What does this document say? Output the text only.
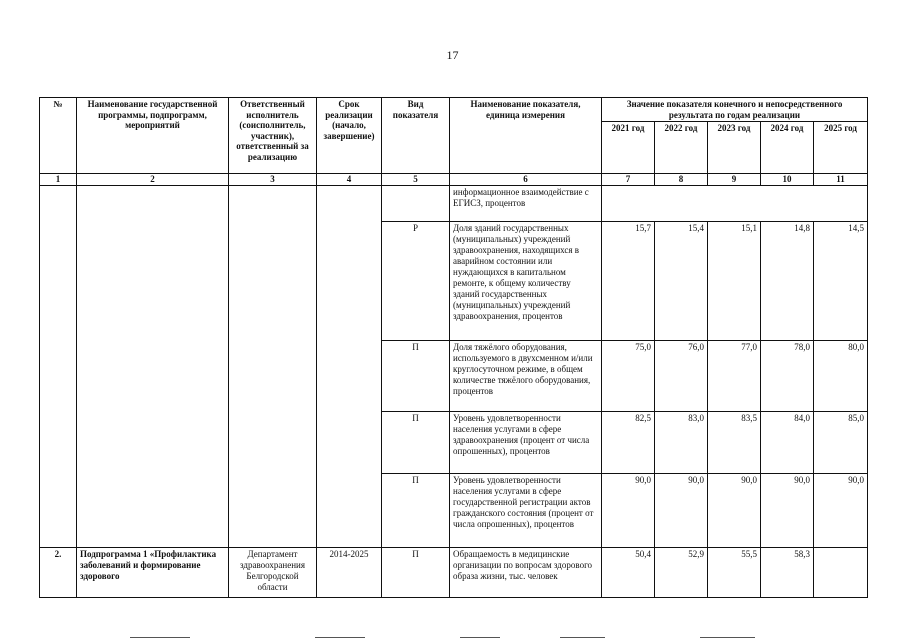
17
№	Наименование государственной программы, подпрограмм, мероприятий	Ответственный исполнитель (соисполнитель, участник), ответственный за реализацию	Срок реализации (начало, завершение)	Вид показателя	Наименование показателя, единица измерения	Значение показателя конечного и непосредственного результата по годам реализации				
						2021 год	2022 год	2023 год	2024 год	2025 год
1	2	3	4	5	6	7	8	9	10	11
					информационное взаимодействие с ЕГИСЗ, процентов					
				Р	Доля зданий государственных (муниципальных) учреждений здравоохранения, находящихся в аварийном состоянии или нуждающихся в капитальном ремонте, к общему количеству зданий государственных (муниципальных) учреждений здравоохранения, процентов	15,7	15,4	15,1	14,8	14,5
				П	Доля тяжёлого оборудования, используемого в двухсменном и/или круглосуточном режиме, в общем количестве тяжёлого оборудования, процентов	75,0	76,0	77,0	78,0	80,0
				П	Уровень удовлетворенности населения услугами в сфере здравоохранения (процент от числа опрошенных), процентов	82,5	83,0	83,5	84,0	85,0
				П	Уровень удовлетворенности населения услугами в сфере государственной регистрации актов гражданского состояния (процент от числа опрошенных), процентов	90,0	90,0	90,0	90,0	90,0
2.	Подпрограмма 1 «Профилактика заболеваний и формирование здорового	Департамент здравоохранения Белгородской области	2014-2025	П	Обращаемость в медицинские организации по вопросам здорового образа жизни, тыс. человек	50,4	52,9	55,5	58,3	
